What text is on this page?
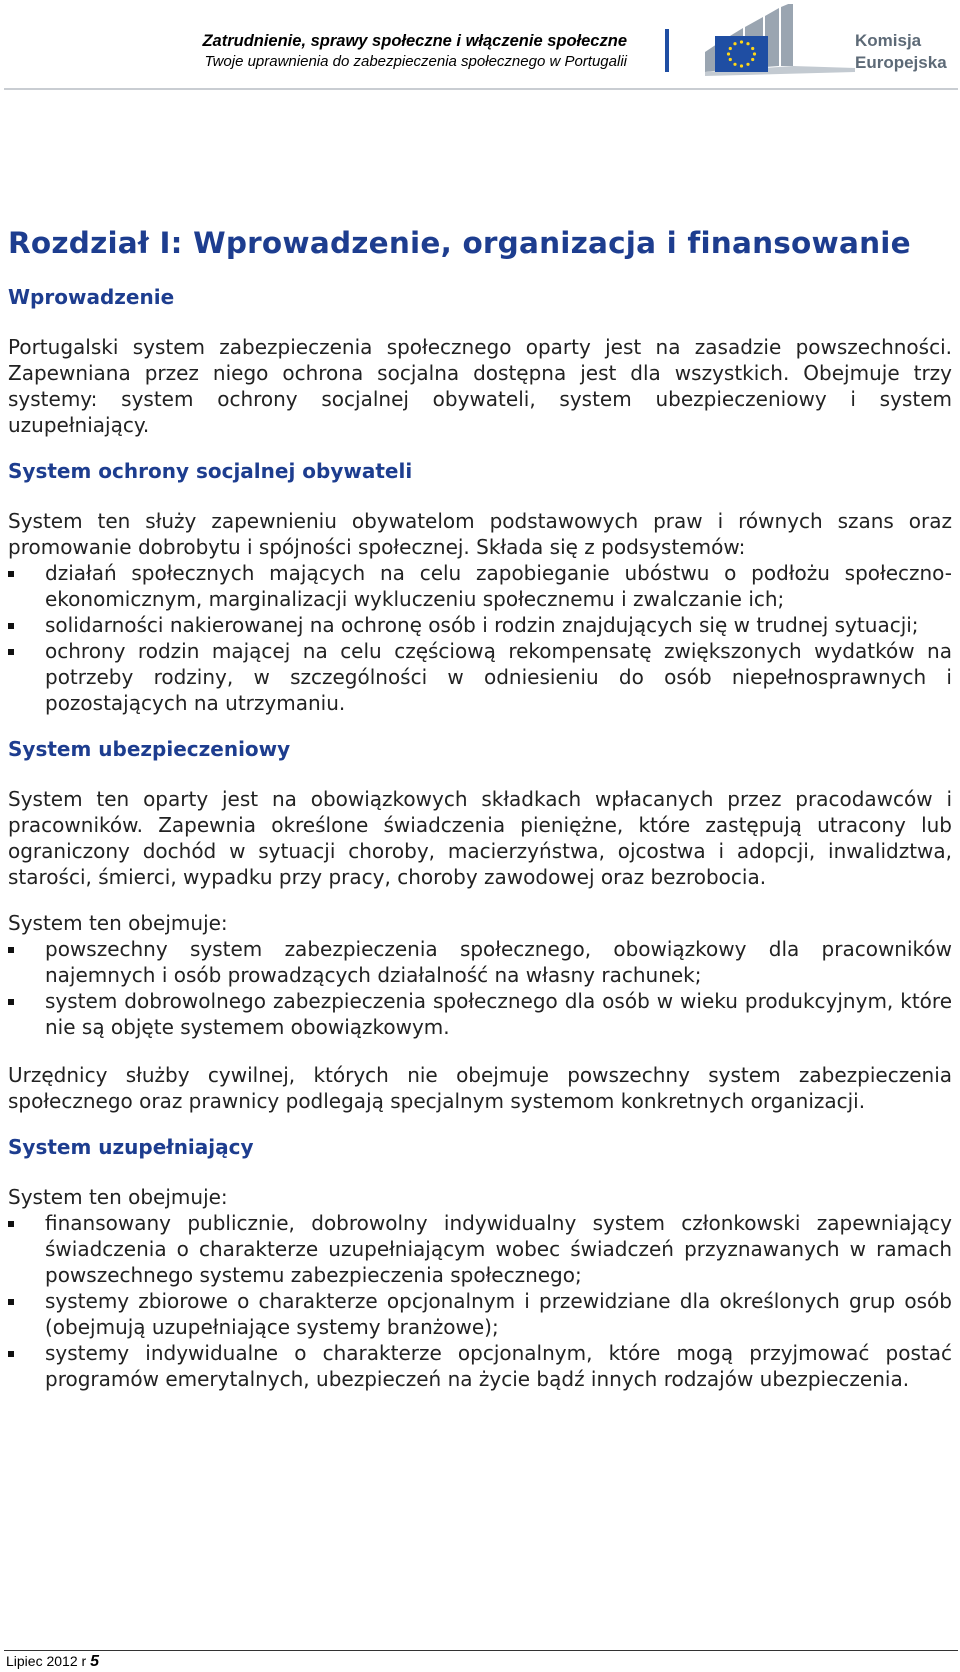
Zatrudnienie, sprawy społeczne i włączenie społeczne
Twoje uprawnienia do zabezpieczenia społecznego w Portugalii
Komisja
Europejska
Rozdział I: Wprowadzenie, organizacja i finansowanie
Wprowadzenie

Portugalski system zabezpieczenia społecznego oparty jest na zasadzie powszechności. Zapewniana przez niego ochrona socjalna dostępna jest dla wszystkich. Obejmuje trzy systemy: system ochrony socjalnej obywateli, system ubezpieczeniowy i system uzupełniający.

System ochrony socjalnej obywateli

System ten służy zapewnieniu obywatelom podstawowych praw i równych szans oraz promowanie dobrobytu i spójności społecznej. Składa się z podsystemów:

działań społecznych mających na celu zapobieganie ubóstwu o podłożu społeczno-ekonomicznym, marginalizacji wykluczeniu społecznemu i zwalczanie ich;
solidarności nakierowanej na ochronę osób i rodzin znajdujących się w trudnej sytuacji;
ochrony rodzin mającej na celu częściową rekompensatę zwiększonych wydatków na potrzeby rodziny, w szczególności w odniesieniu do osób niepełnosprawnych i pozostających na utrzymaniu.
System ubezpieczeniowy

System ten oparty jest na obowiązkowych składkach wpłacanych przez pracodawców i pracowników. Zapewnia określone świadczenia pieniężne, które zastępują utracony lub ograniczony dochód w sytuacji choroby, macierzyństwa, ojcostwa i adopcji, inwalidztwa, starości, śmierci, wypadku przy pracy, choroby zawodowej oraz bezrobocia.

System ten obejmuje:

powszechny system zabezpieczenia społecznego, obowiązkowy dla pracowników najemnych i osób prowadzących działalność na własny rachunek;
system dobrowolnego zabezpieczenia społecznego dla osób w wieku produkcyjnym, które nie są objęte systemem obowiązkowym.

Urzędnicy służby cywilnej, których nie obejmuje powszechny system zabezpieczenia społecznego oraz prawnicy podlegają specjalnym systemom konkretnych organizacji.

System uzupełniający

System ten obejmuje:

finansowany publicznie, dobrowolny indywidualny system członkowski zapewniający świadczenia o charakterze uzupełniającym wobec świadczeń przyznawanych w ramach powszechnego systemu zabezpieczenia społecznego;
systemy zbiorowe o charakterze opcjonalnym i przewidziane dla określonych grup osób (obejmują uzupełniające systemy branżowe);
systemy indywidualne o charakterze opcjonalnym, które mogą przyjmować postać programów emerytalnych, ubezpieczeń na życie bądź innych rodzajów ubezpieczenia.
Lipiec 2012 r 5
